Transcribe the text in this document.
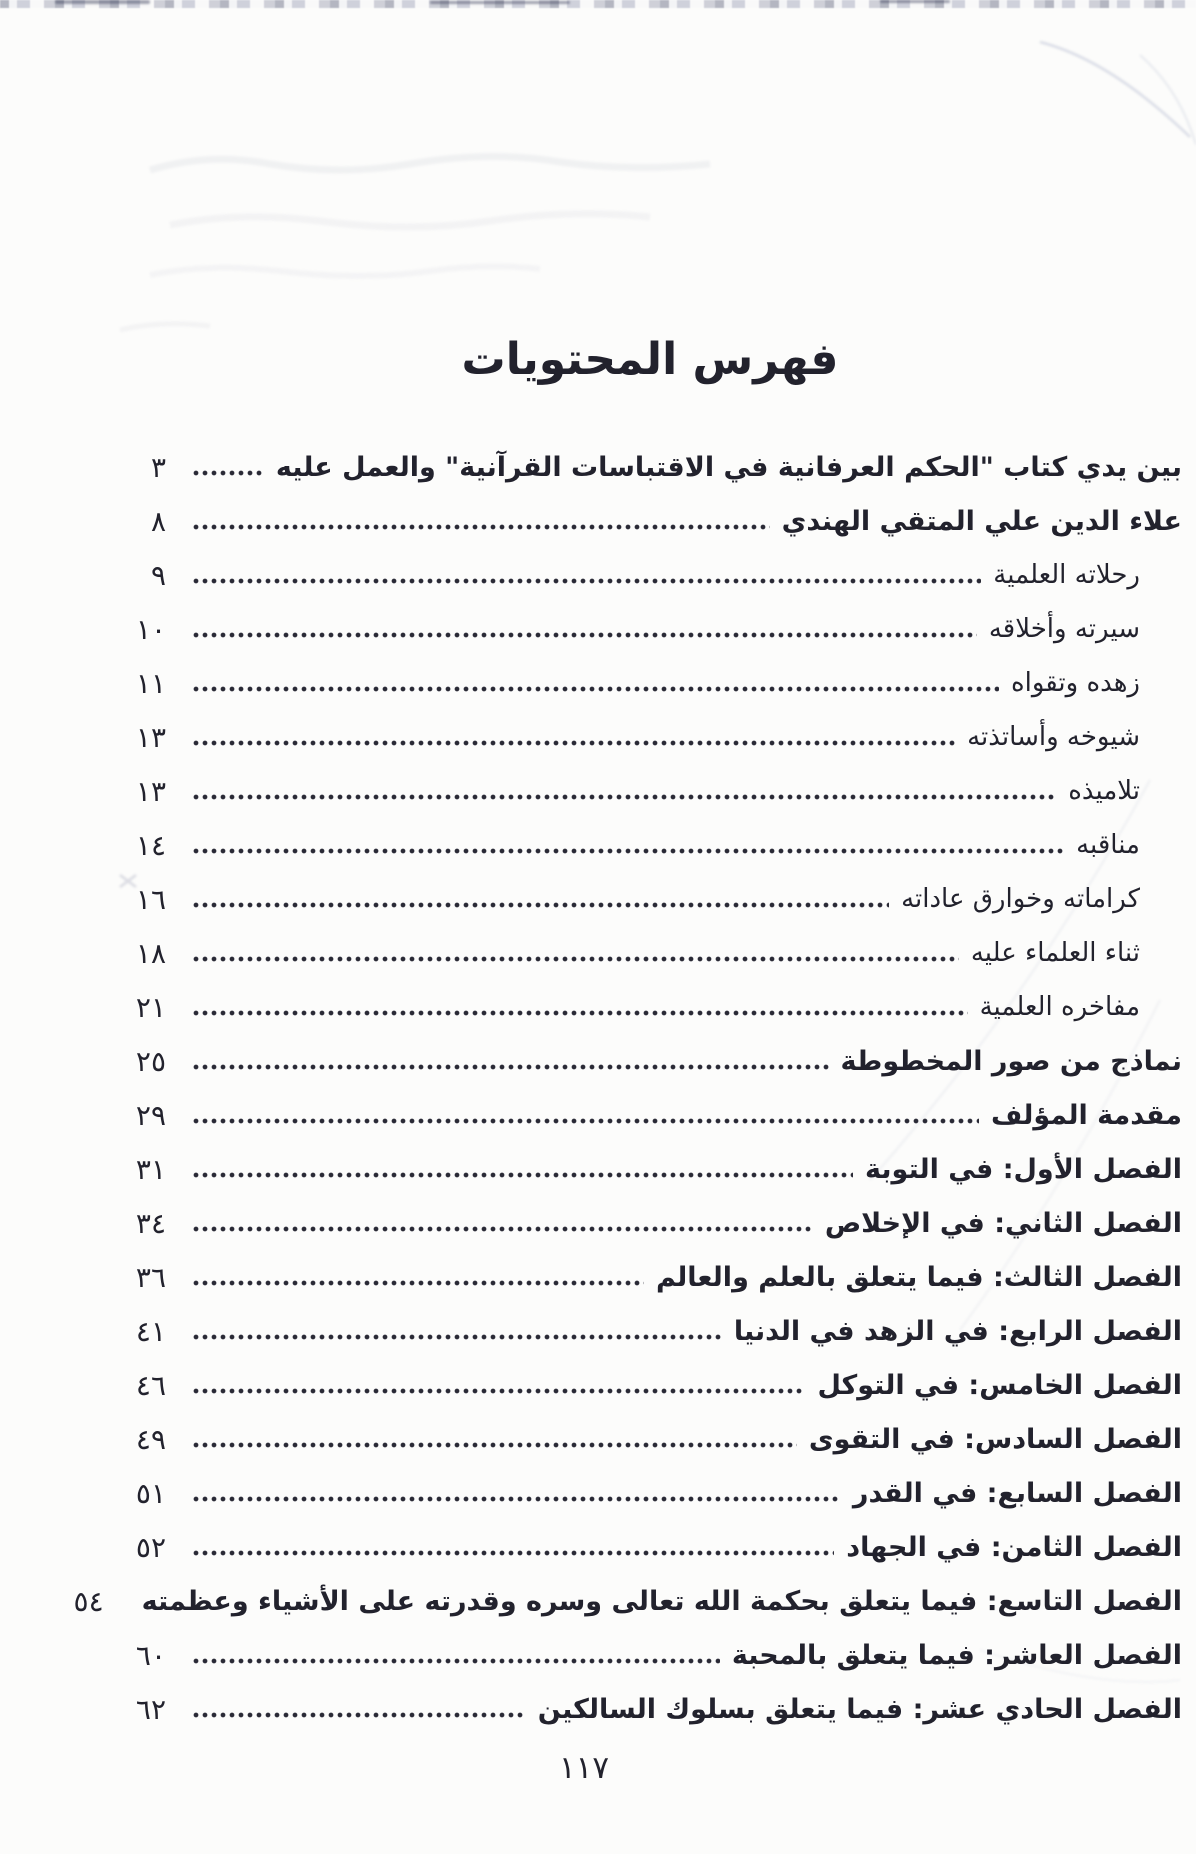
فهرس المحتويات
بين يدي كتاب "الحكم العرفانية في الاقتباسات القرآنية" والعمل عليه
٣
علاء الدين علي المتقي الهندي
٨
رحلاته العلمية
٩
سيرته وأخلاقه
١٠
زهده وتقواه
١١
شيوخه وأساتذته
١٣
تلاميذه
١٣
مناقبه
١٤
كراماته وخوارق عاداته
١٦
ثناء العلماء عليه
١٨
مفاخره العلمية
٢١
نماذج من صور المخطوطة
٢٥
مقدمة المؤلف
٢٩
الفصل الأول: في التوبة
٣١
الفصل الثاني: في الإخلاص
٣٤
الفصل الثالث: فيما يتعلق بالعلم والعالم
٣٦
الفصل الرابع: في الزهد في الدنيا
٤١
الفصل الخامس: في التوكل
٤٦
الفصل السادس: في التقوى
٤٩
الفصل السابع: في القدر
٥١
الفصل الثامن: في الجهاد
٥٢
الفصل التاسع: فيما يتعلق بحكمة الله تعالى وسره وقدرته على الأشياء وعظمته
٥٤
الفصل العاشر: فيما يتعلق بالمحبة
٦٠
الفصل الحادي عشر: فيما يتعلق بسلوك السالكين
٦٢
١١٧
